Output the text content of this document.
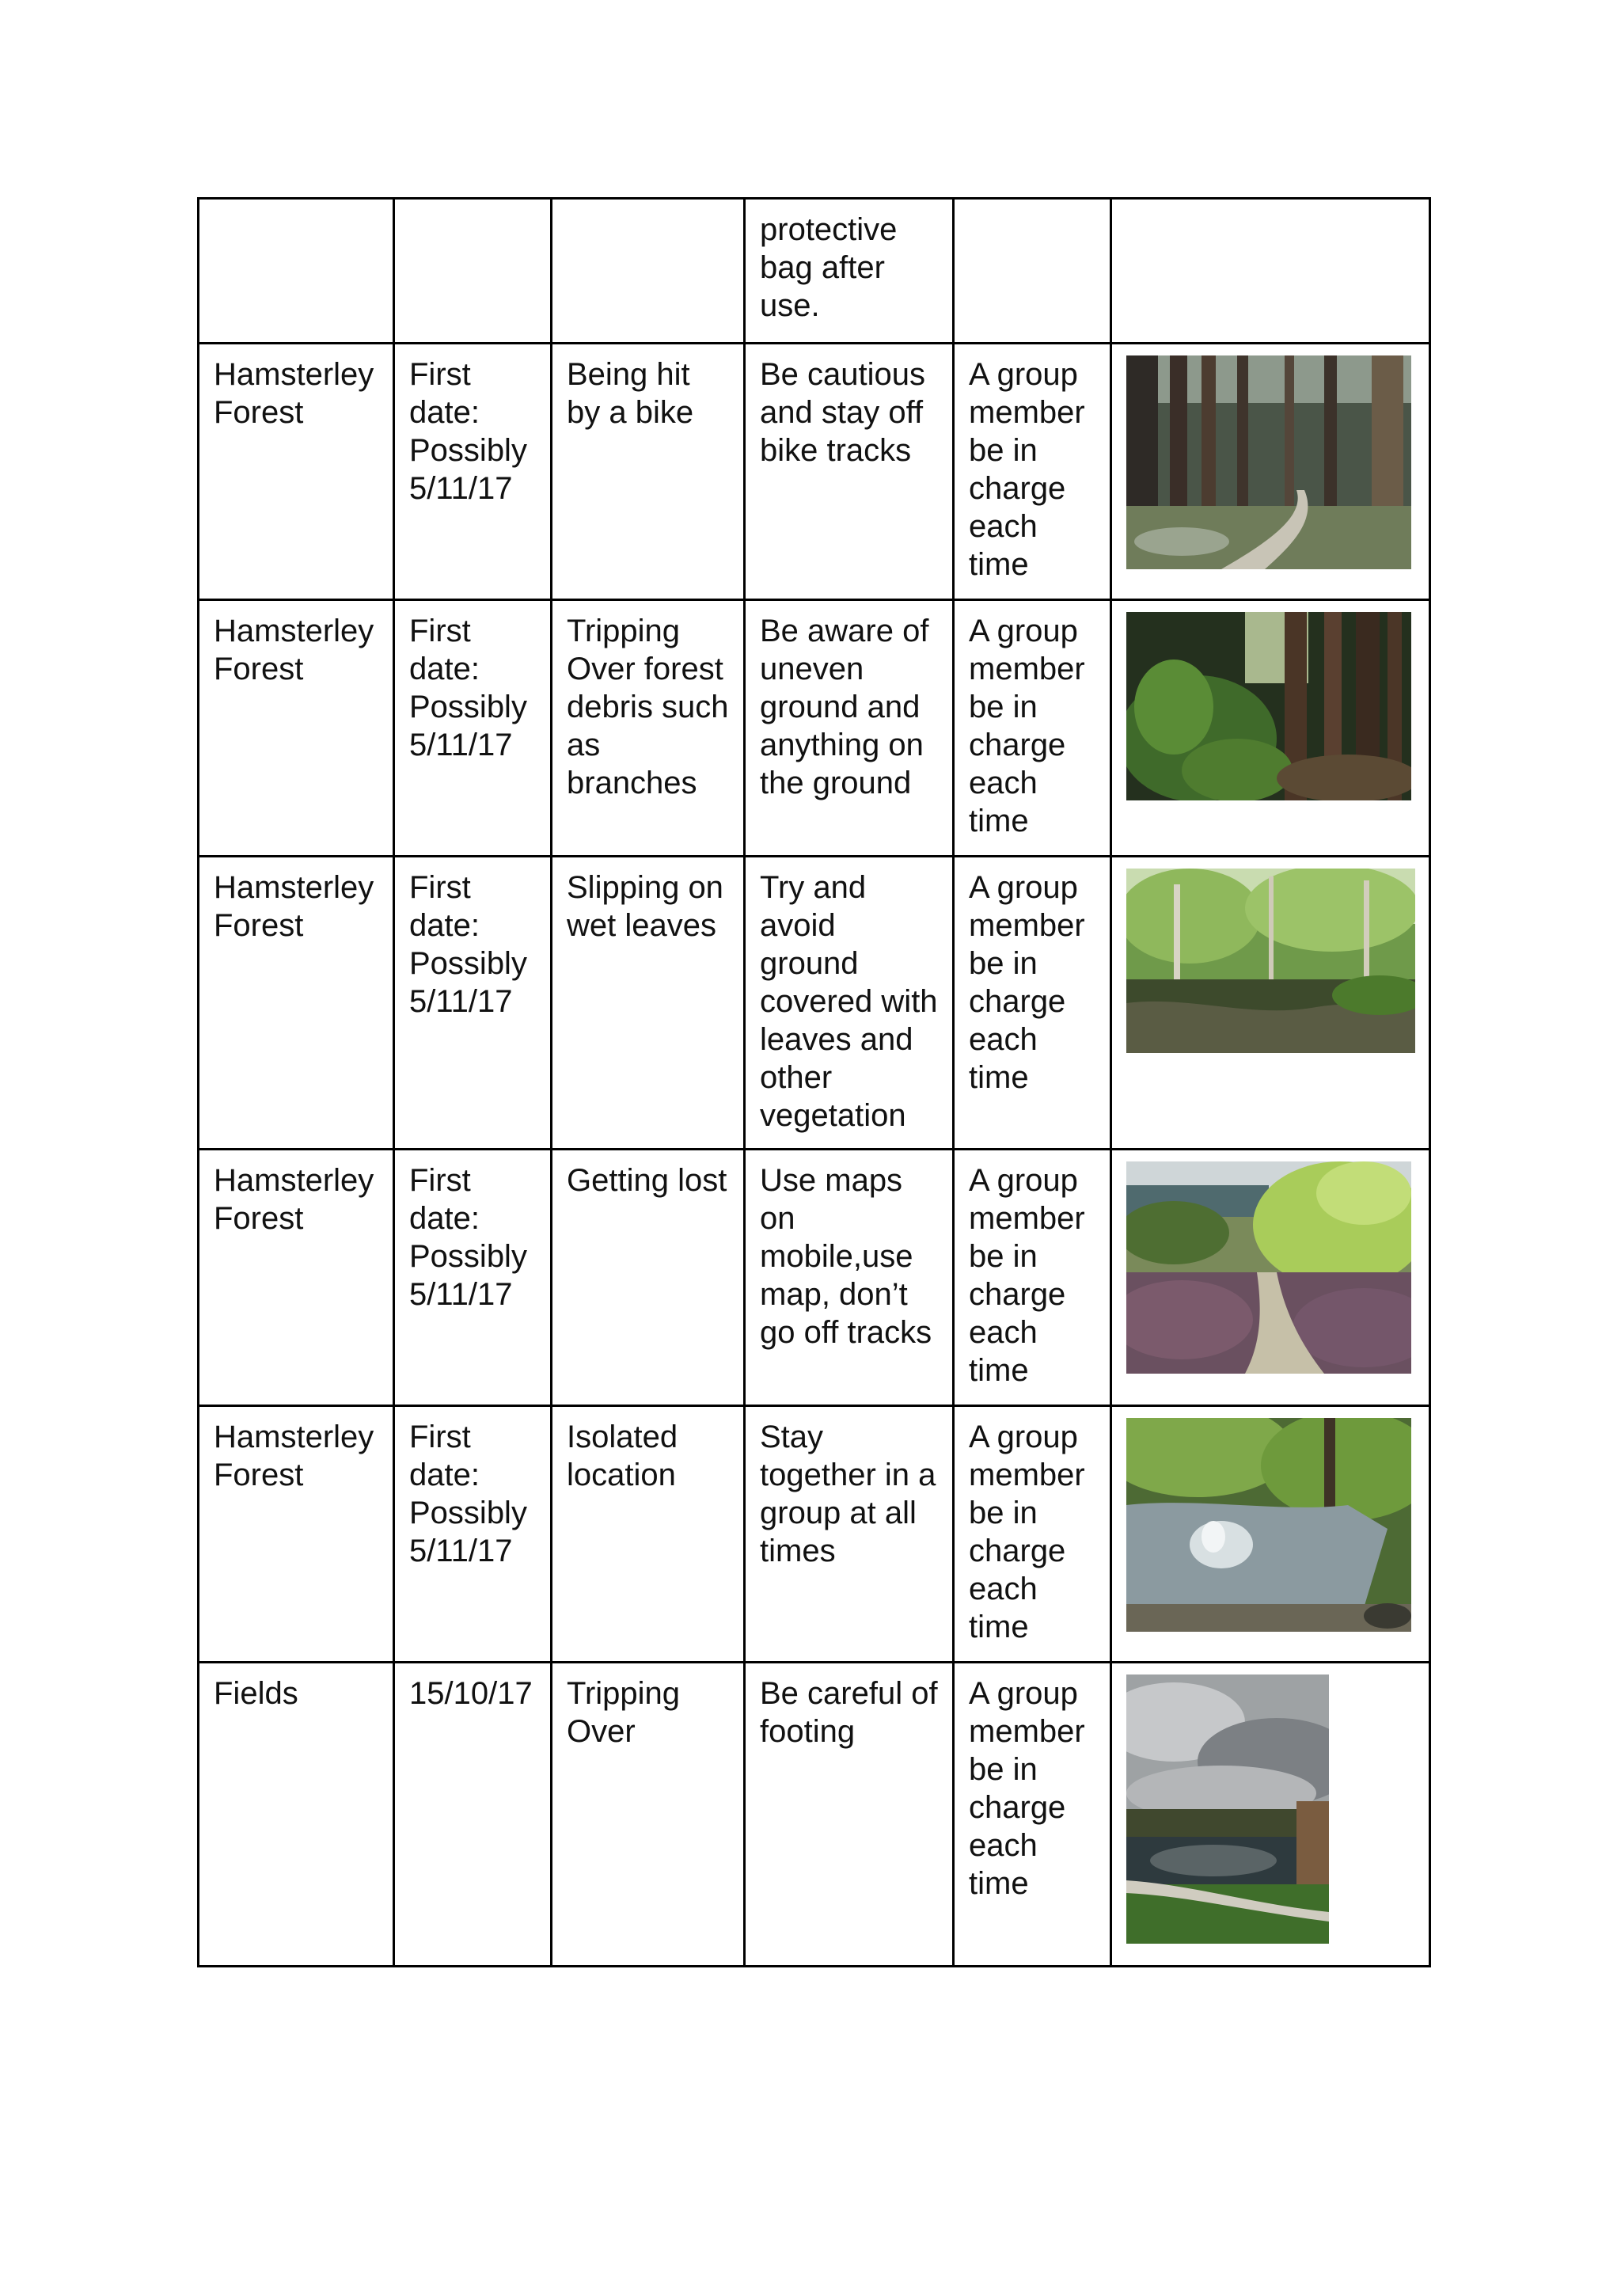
			protective bag after use.		
Hamsterley Forest	First date: Possibly 5/11/17	Being hit by a bike	Be cautious and stay off bike tracks	A group member be in charge each time	

Hamsterley Forest	First date: Possibly 5/11/17	Tripping Over forest debris such as branches	Be aware of uneven ground and anything on the ground	A group member be in charge each time	

Hamsterley Forest	First date: Possibly 5/11/17	Slipping on wet leaves	Try and avoid ground covered with leaves and other vegetation	A group member be in charge each time	

Hamsterley Forest	First date: Possibly 5/11/17	Getting lost	Use maps on mobile,use map, don’t go off tracks	A group member be in charge each time	

Hamsterley Forest	First date: Possibly 5/11/17	Isolated location	Stay together in a group at all times	A group member be in charge each time	

Fields	15/10/17	Tripping Over	Be careful of footing	A group member be in charge each time	
